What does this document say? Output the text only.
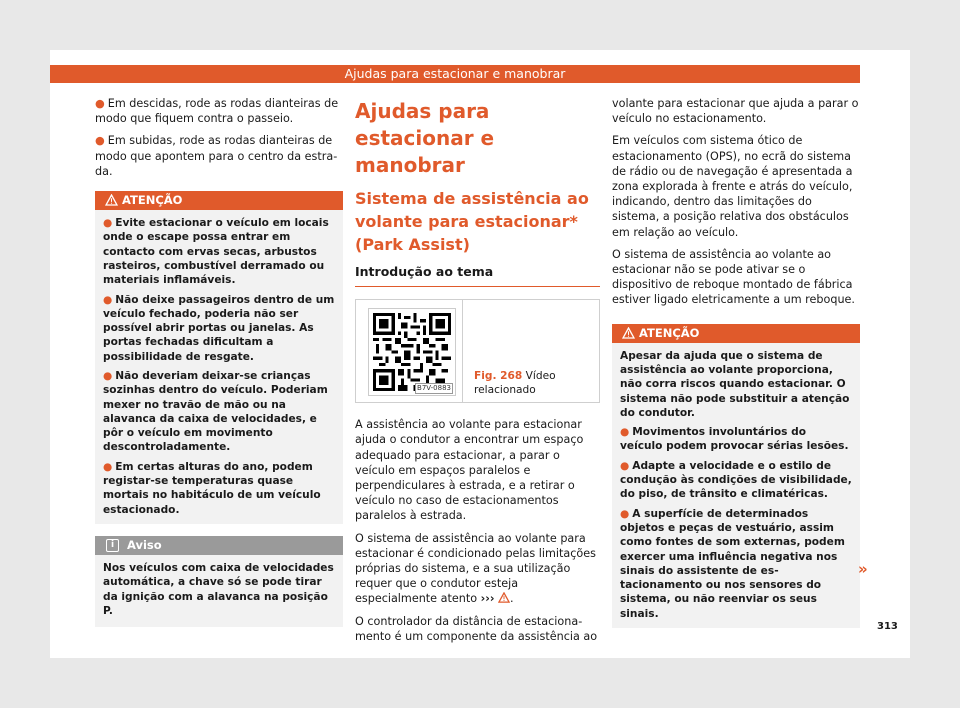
Ajudas para estacionar e manobrar

● Em descidas, rode as rodas dianteiras de modo que fiquem contra o passeio.

● Em subidas, rode as rodas dianteiras de modo que apontem para o centro da estrada.

ATENÇÃO

● Evite estacionar o veículo em locais onde o escape possa entrar em contacto com ervas secas, arbustos rasteiros, combustível derramado ou materiais inflamáveis.

● Não deixe passageiros dentro de um veículo fechado, poderia não ser possível abrir portas ou janelas. As portas fechadas dificultam a possibilidade de resgate.

● Não deveriam deixar-se crianças sozinhas dentro do veículo. Poderiam mexer no travão de mão ou na alavanca da caixa de velocidades, e pôr o veículo em movimento descontroladamente.

● Em certas alturas do ano, podem registar-se temperaturas quase mortais no habitáculo de um veículo estacionado.

i	Aviso
Nos veículos com caixa de velocidades automática, a chave só se pode tirar da ignição com a alavanca na posição P.
Ajudas para estacionar e manobrar
Sistema de assistência ao volante para estacionar* (Park Assist)
Introdução ao tema
B7V-0883
Fig. 268 Vídeo relacionado

A assistência ao volante para estacionar ajuda o condutor a encontrar um espaço adequado para estacionar, a parar o veículo em espaços paralelos e perpendiculares à estrada, e a retirar o veículo no caso de estacionamentos paralelos à estrada.

O sistema de assistência ao volante para estacionar é condicionado pelas limitações próprias do sistema, e a sua utilização requer que o condutor esteja especialmente atento ››› .

O controlador da distância de estacionamento é um componente da assistência ao

volante para estacionar que ajuda a parar o veículo no estacionamento.

Em veículos com sistema ótico de estacionamento (OPS), no ecrã do sistema de rádio ou de navegação é apresentada a zona explorada à frente e atrás do veículo, indicando, dentro das limitações do sistema, a posição relativa dos obstáculos em relação ao veículo.

O sistema de assistência ao volante ao estacionar não se pode ativar se o dispositivo de reboque montado de fábrica estiver ligado eletricamente a um reboque.

ATENÇÃO

Apesar da ajuda que o sistema de assistência ao volante proporciona, não corra riscos quando estacionar. O sistema não pode substituir a atenção do condutor.

● Movimentos involuntários do veículo podem provocar sérias lesões.

● Adapte a velocidade e o estilo de condução às condições de visibilidade, do piso, de trânsito e climatéricas.

● A superfície de determinados objetos e peças de vestuário, assim como fontes de som externas, podem exercer uma influência negativa nos sinais do assistente de estacionamento ou nos sensores do sistema, ou não reenviar os seus sinais.

»
313
